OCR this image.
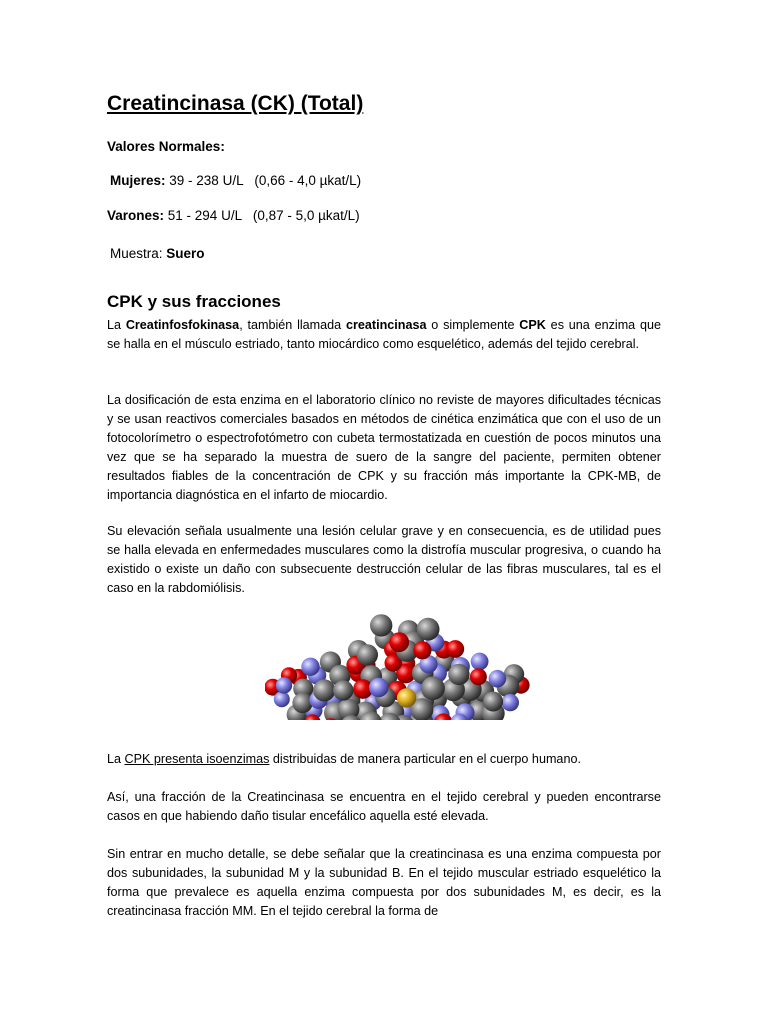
Creatincinasa (CK) (Total)

Valores Normales:

Mujeres: 39 - 238 U/L   (0,66 - 4,0 µkat/L)

Varones: 51 - 294 U/L   (0,87 - 5,0 µkat/L)

Muestra: Suero

CPK y sus fracciones

La Creatinfosfokinasa, también llamada creatincinasa o simplemente CPK es una enzima que se halla en el músculo estriado, tanto miocárdico como esquelético, además del tejido cerebral.

La dosificación de esta enzima en el laboratorio clínico no reviste de mayores dificultades técnicas y se usan reactivos comerciales basados en métodos de cinética enzimática que con el uso de un fotocolorímetro o espectrofotómetro con cubeta termostatizada en cuestión de pocos minutos una vez que se ha separado la muestra de suero de la sangre del paciente, permiten obtener resultados fiables de la concentración de CPK y su fracción más importante la CPK-MB, de importancia diagnóstica en el infarto de miocardio.

Su elevación señala usualmente una lesión celular grave y en consecuencia, es de utilidad pues se halla elevada en enfermedades musculares como la distrofía muscular progresiva, o cuando ha existido o existe un daño con subsecuente destrucción celular de las fibras musculares, tal es el caso en la rabdomiólisis.

La CPK presenta isoenzimas distribuidas de manera particular en el cuerpo humano.

Así, una fracción de la Creatincinasa se encuentra en el tejido cerebral y pueden encontrarse casos en que habiendo daño tisular encefálico aquella esté elevada.

Sin entrar en mucho detalle, se debe señalar que la creatincinasa es una enzima compuesta por dos subunidades, la subunidad M y la subunidad B. En el tejido muscular estriado esquelético la forma que prevalece es aquella enzima compuesta por dos subunidades M, es decir, es la creatincinasa fracción MM. En el tejido cerebral la forma de
